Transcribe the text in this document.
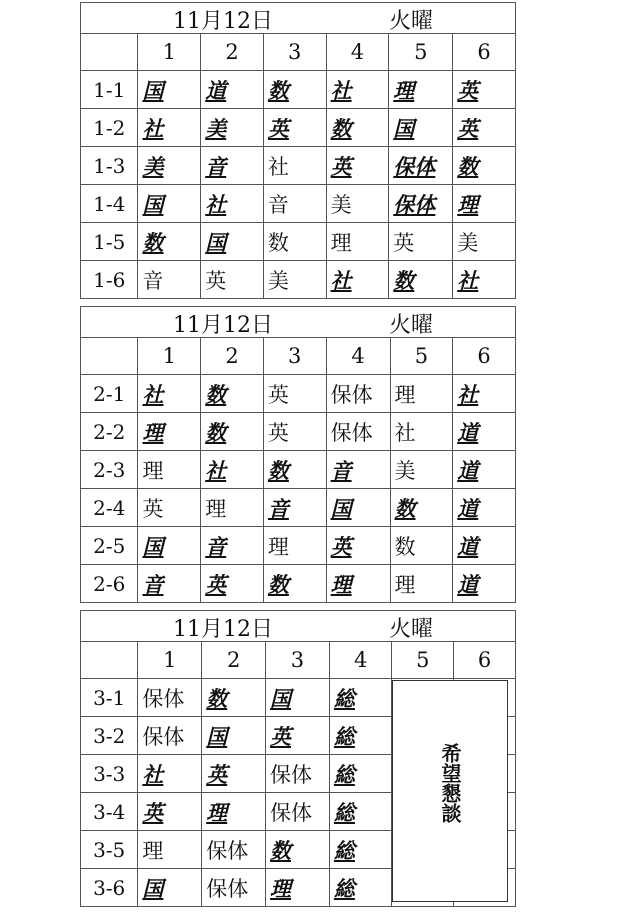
11月12日 火曜						

	1	2	3	4	5	6
1-1	国	道	数	社	理	英
1-2	社	美	英	数	国	英
1-3	美	音	社	英	保体	数
1-4	国	社	音	美	保体	理
1-5	数	国	数	理	英	美
1-6	音	英	美	社	数	社
11月12日 火曜						

	1	2	3	4	5	6
2-1	社	数	英	保体	理	社
2-2	理	数	英	保体	社	道
2-3	理	社	数	音	美	道
2-4	英	理	音	国	数	道
2-5	国	音	理	英	数	道
2-6	音	英	数	理	理	道
11月12日 火曜						

	1	2	3	4	5	6
3-1	保体	数	国	総		
3-2	保体	国	英	総		
3-3	社	英	保体	総		
3-4	英	理	保体	総		
3-5	理	保体	数	総		
3-6	国	保体	理	総		
希望懇談
